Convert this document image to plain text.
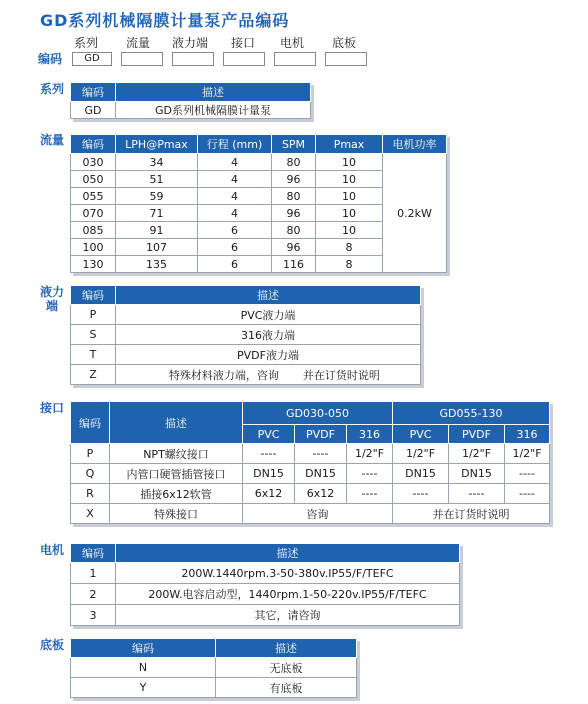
GD系列机械隔膜计量泵产品编码
系列 流量 液力端 接口 电机 底板
编码	GD
系列 编码	描述
GD	GD系列机械隔膜计量泵
流量 编码	LPH@Pmax	行程 (mm)	SPM	Pmax	电机功率
030	34	4	80	10	0.2kW
050	51	4	96	10	
055	59	4	80	10	
070	71	4	96	10	
085	91	6	80	10	
100	107	6	96	8	
130	135	6	116	8	
液力
端
编码	描述	
P	PVC液力端	
S	316液力端	
T	PVDF液力端	
Z	特殊材料液力端，咨询	并在订货时说明
接口
编码	描述	GD030-050			GD055-130		
		PVC	PVDF	316	PVC	PVDF	316
P	NPT螺纹接口	----	----	1/2"F	1/2"F	1/2"F	1/2"F
Q	内管口硬管插管接口	DN15	DN15	----	DN15	DN15	----
R	插接6x12软管	6x12	6x12	----	----	----	----
X	特殊接口	咨询			并在订货时说明		
电机 编码	描述
1	200W.1440rpm.3-50-380v.IP55/F/TEFC
2	200W.电容启动型，1440rpm.1-50-220v.IP55/F/TEFC
3	其它，请咨询
底板	编码	描述
N	无底板
Y	有底板
